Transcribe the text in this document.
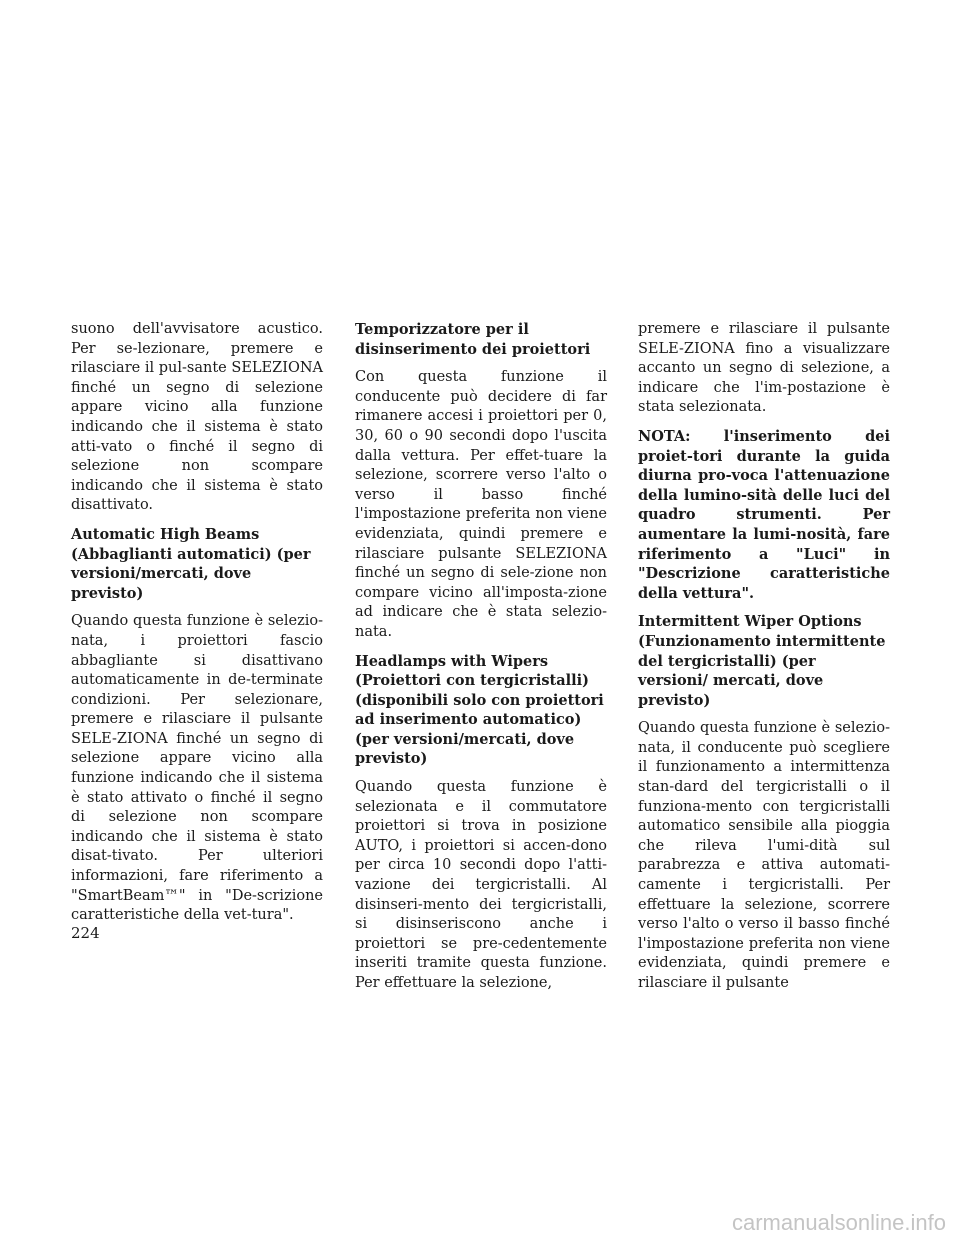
suono dell'avvisatore acustico. Per se-lezionare, premere e rilasciare il pul-sante SELEZIONA finché un segno di selezione appare vicino alla funzione indicando che il sistema è stato atti-vato o finché il segno di selezione non scompare indicando che il sistema è stato disattivato.

Automatic High Beams (Abbaglianti automatici) (per versioni/mercati, dove previsto)

Quando questa funzione è selezio-nata, i proiettori fascio abbagliante si disattivano automaticamente in de-terminate condizioni. Per selezionare, premere e rilasciare il pulsante SELE-ZIONA finché un segno di selezione appare vicino alla funzione indicando che il sistema è stato attivato o finché il segno di selezione non scompare indicando che il sistema è stato disat-tivato. Per ulteriori informazioni, fare riferimento a "SmartBeam™" in "De-scrizione caratteristiche della vet-tura".

Temporizzatore per il disinserimento dei proiettori

Con questa funzione il conducente può decidere di far rimanere accesi i proiettori per 0, 30, 60 o 90 secondi dopo l'uscita dalla vettura. Per effet-tuare la selezione, scorrere verso l'alto o verso il basso finché l'impostazione preferita non viene evidenziata, quindi premere e rilasciare pulsante SELEZIONA finché un segno di sele-zione non compare vicino all'imposta-zione ad indicare che è stata selezio-nata.

Headlamps with Wipers (Proiettori con tergicristalli)(disponibili solo con proiettori ad inserimento automatico) (per versioni/mercati, dove previsto)

Quando questa funzione è selezionata e il commutatore proiettori si trova in posizione AUTO, i proiettori si accen-dono per circa 10 secondi dopo l'atti-vazione dei tergicristalli. Al disinseri-mento dei tergicristalli, si disinseriscono anche i proiettori se pre-cedentemente inseriti tramite questa funzione. Per effettuare la selezione,

premere e rilasciare il pulsante SELE-ZIONA fino a visualizzare accanto un segno di selezione, a indicare che l'im-postazione è stata selezionata.

NOTA: l'inserimento dei proiet-tori durante la guida diurna pro-voca l'attenuazione della lumino-sità delle luci del quadro strumenti. Per aumentare la lumi-nosità, fare riferimento a "Luci" in "Descrizione caratteristiche della vettura".

Intermittent Wiper Options (Funzionamento intermittente del tergicristalli) (per versioni/ mercati, dove previsto)

Quando questa funzione è selezio-nata, il conducente può scegliere il funzionamento a intermittenza stan-dard del tergicristalli o il funziona-mento con tergicristalli automatico sensibile alla pioggia che rileva l'umi-dità sul parabrezza e attiva automati-camente i tergicristalli. Per effettuare la selezione, scorrere verso l'alto o verso il basso finché l'impostazione preferita non viene evidenziata, quindi premere e rilasciare il pulsante

224
carmanualsonline.info
